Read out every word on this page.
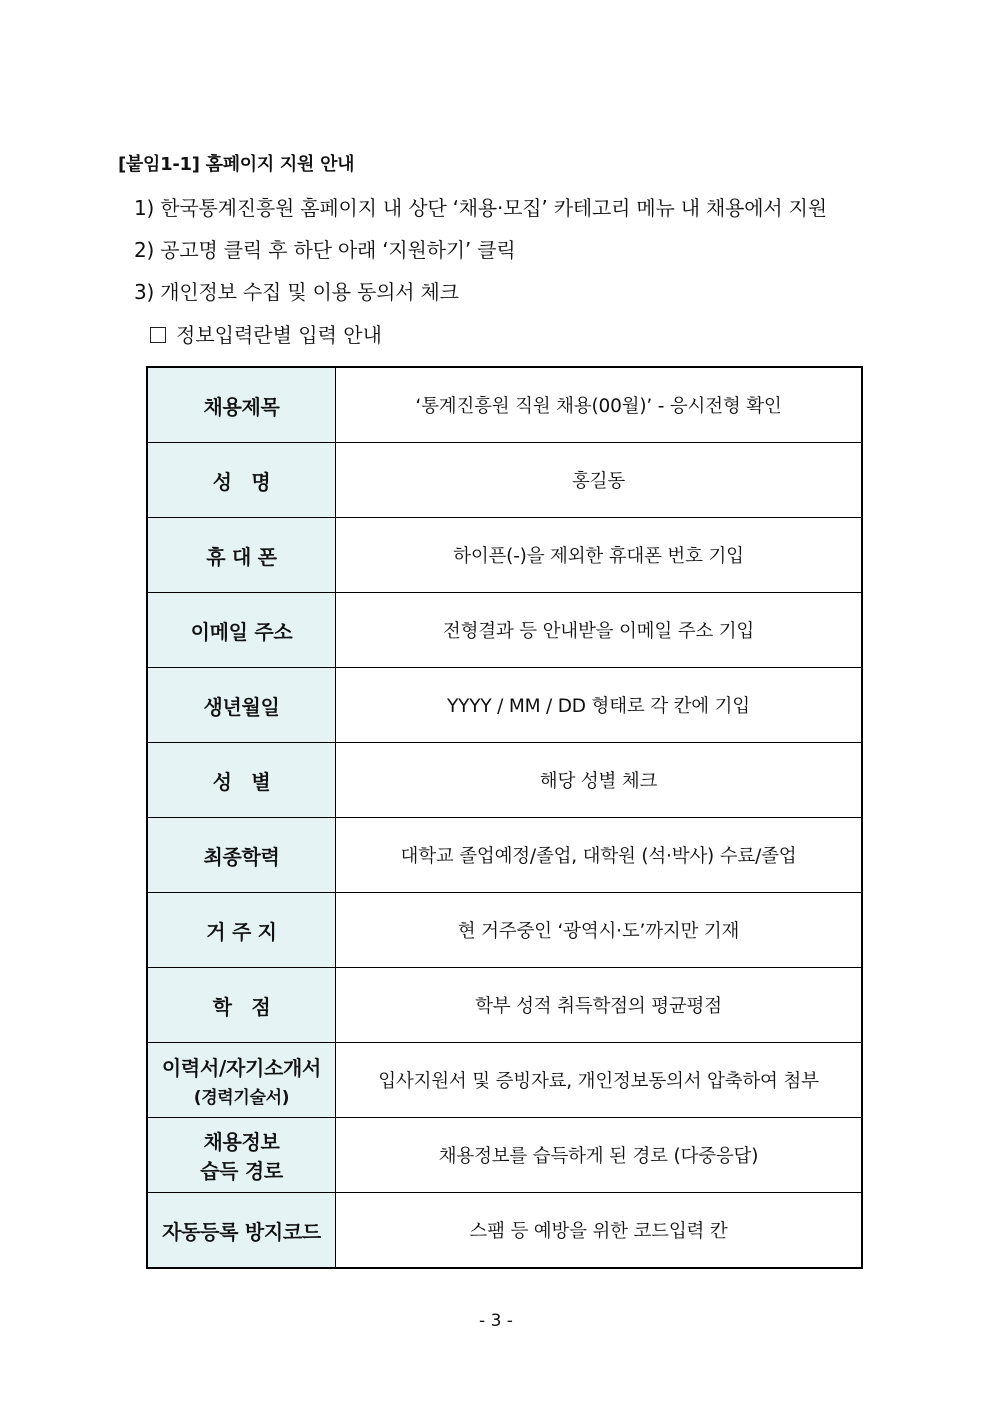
[붙임1-1] 홈페이지 지원 안내
1) 한국통계진흥원 홈페이지 내 상단 ‘채용·모집’ 카테고리 메뉴 내 채용에서 지원
2) 공고명 클릭 후 하단 아래 ‘지원하기’ 클릭
3) 개인정보 수집 및 이용 동의서 체크
정보입력란별 입력 안내
채용제목	‘통계진흥원 직원 채용(00월)’ - 응시전형 확인
성　명	홍길동
휴 대 폰	하이픈(-)을 제외한 휴대폰 번호 기입
이메일 주소	전형결과 등 안내받을 이메일 주소 기입
생년월일	YYYY / MM / DD 형태로 각 칸에 기입
성　별	해당 성별 체크
최종학력	대학교 졸업예정/졸업, 대학원 (석·박사) 수료/졸업
거 주 지	현 거주중인 ‘광역시·도’까지만 기재
학　점	학부 성적 취득학점의 평균평점

이력서/자기소개서
(경력기술서)	입사지원서 및 증빙자료, 개인정보동의서 압축하여 첨부

채용정보
습득 경로	채용정보를 습득하게 된 경로 (다중응답)
자동등록 방지코드	스팸 등 예방을 위한 코드입력 칸
- 3 -
